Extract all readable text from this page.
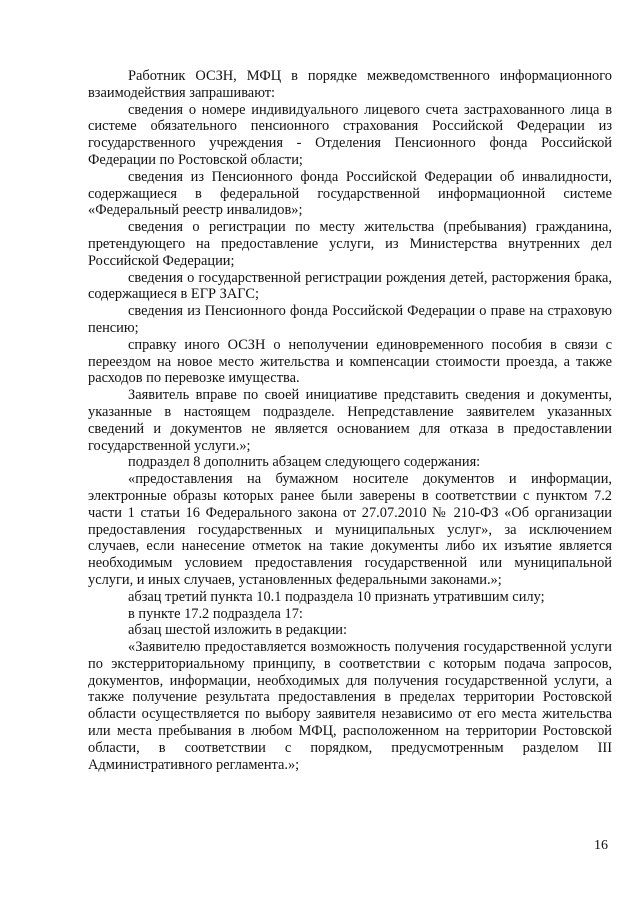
Работник ОСЗН, МФЦ в порядке межведомственного информационного взаимодействия запрашивают:

сведения о номере индивидуального лицевого счета застрахованного лица в системе обязательного пенсионного страхования Российской Федерации из государственного учреждения - Отделения Пенсионного фонда Российской Федерации по Ростовской области;

сведения из Пенсионного фонда Российской Федерации об инвалидности, содержащиеся в федеральной государственной информационной системе «Федеральный реестр инвалидов»;

сведения о регистрации по месту жительства (пребывания) гражданина, претендующего на предоставление услуги, из Министерства внутренних дел Российской Федерации;

сведения о государственной регистрации рождения детей, расторжения брака, содержащиеся в ЕГР ЗАГС;

сведения из Пенсионного фонда Российской Федерации о праве на страховую пенсию;

справку иного ОСЗН о неполучении единовременного пособия в связи с переездом на новое место жительства и компенсации стоимости проезда, а также расходов по перевозке имущества.

Заявитель вправе по своей инициативе представить сведения и документы, указанные в настоящем подразделе. Непредставление заявителем указанных сведений и документов не является основанием для отказа в предоставлении государственной услуги.»;

подраздел 8 дополнить абзацем следующего содержания:

«предоставления на бумажном носителе документов и информации, электронные образы которых ранее были заверены в соответствии с пунктом 7.2 части 1 статьи 16 Федерального закона от 27.07.2010 № 210-ФЗ «Об организации предоставления государственных и муниципальных услуг», за исключением случаев, если нанесение отметок на такие документы либо их изъятие является необходимым условием предоставления государственной или муниципальной услуги, и иных случаев, установленных федеральными законами.»;

абзац третий пункта 10.1 подраздела 10 признать утратившим силу;

в пункте 17.2 подраздела 17:

абзац шестой изложить в редакции:

«Заявителю предоставляется возможность получения государственной услуги по экстерриториальному принципу, в соответствии с которым подача запросов, документов, информации, необходимых для получения государственной услуги, а также получение результата предоставления в пределах территории Ростовской области осуществляется по выбору заявителя независимо от его места жительства или места пребывания в любом МФЦ, расположенном на территории Ростовской области, в соответствии с порядком, предусмотренным разделом III Административного регламента.»;

16
